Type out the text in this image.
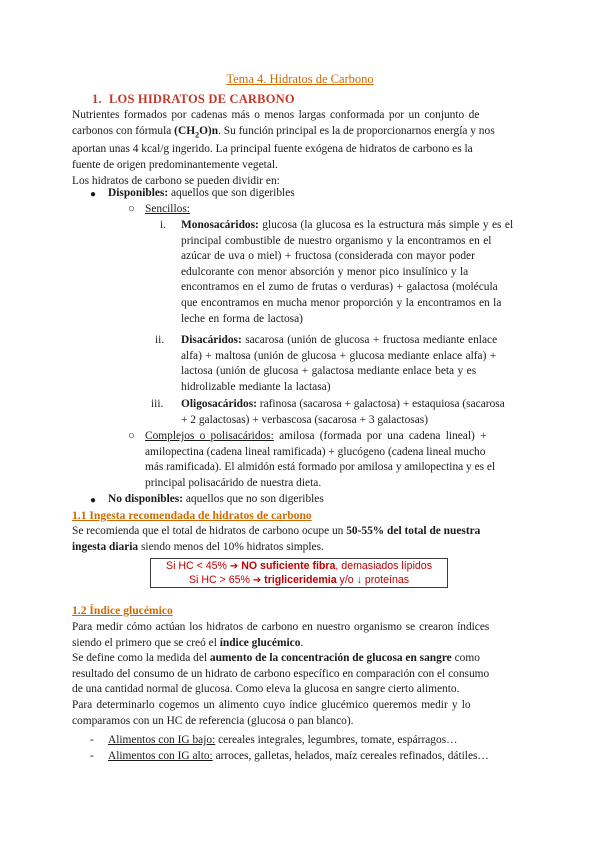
Tema 4. Hidratos de Carbono
1. LOS HIDRATOS DE CARBONO
Nutrientes formados por cadenas más o menos largas conformada por un conjunto de
carbonos con fórmula $(CH_2O)n$. Su función principal es la de proporcionarnos energía y nos
aportan unas 4 kcal/g ingerido. La principal fuente exógena de hidratos de carbono es la
fuente de origen predominantemente vegetal.
Los hidratos de carbono se pueden dividir en:
● Disponibles: aquellos que son digeribles
○ Sencillos:
i. Monosacáridos: glucosa (la glucosa es la estructura más simple y es el
principal combustible de nuestro organismo y la encontramos en el
azúcar de uva o miel) + fructosa (considerada con mayor poder
edulcorante con menor absorción y menor pico insulínico y la
encontramos en el zumo de frutas o verduras) + galactosa (molécula
que encontramos en mucha menor proporción y la encontramos en la
leche en forma de lactosa)
ii. Disacáridos: sacarosa (unión de glucosa + fructosa mediante enlace
alfa) + maltosa (unión de glucosa + glucosa mediante enlace alfa) +
lactosa (unión de glucosa + galactosa mediante enlace beta y es
hidrolizable mediante la lactasa)
iii. Oligosacáridos: rafinosa (sacarosa + galactosa) + estaquiosa (sacarosa
+ 2 galactosas) + verbascosa (sacarosa + 3 galactosas)
○ Complejos o polisacáridos: amilosa (formada por una cadena lineal) +
amilopectina (cadena lineal ramificada) + glucógeno (cadena lineal mucho
más ramificada). El almidón está formado por amilosa y amilopectina y es el
principal polisacárido de nuestra dieta.
● No disponibles: aquellos que no son digeribles
1.1 Ingesta recomendada de hidratos de carbono
Se recomienda que el total de hidratos de carbono ocupe un 50-55% del total de nuestra
ingesta diaria siendo menos del 10% hidratos simples.
Si HC < 45% ➔ NO suficiente fibra, demasiados lípidos
Si HC > 65% ➔ trigliceridemia y/o ↓ proteínas
1.2 Índice glucémico
Para medir cómo actúan los hidratos de carbono en nuestro organismo se crearon índices
siendo el primero que se creó el índice glucémico.
Se define como la medida del aumento de la concentración de glucosa en sangre como
resultado del consumo de un hidrato de carbono específico en comparación con el consumo
de una cantidad normal de glucosa. Como eleva la glucosa en sangre cierto alimento.
Para determinarlo cogemos un alimento cuyo índice glucémico queremos medir y lo
comparamos con un HC de referencia (glucosa o pan blanco).
- Alimentos con IG bajo: cereales integrales, legumbres, tomate, espárragos…
- Alimentos con IG alto: arroces, galletas, helados, maíz cereales refinados, dátiles…
